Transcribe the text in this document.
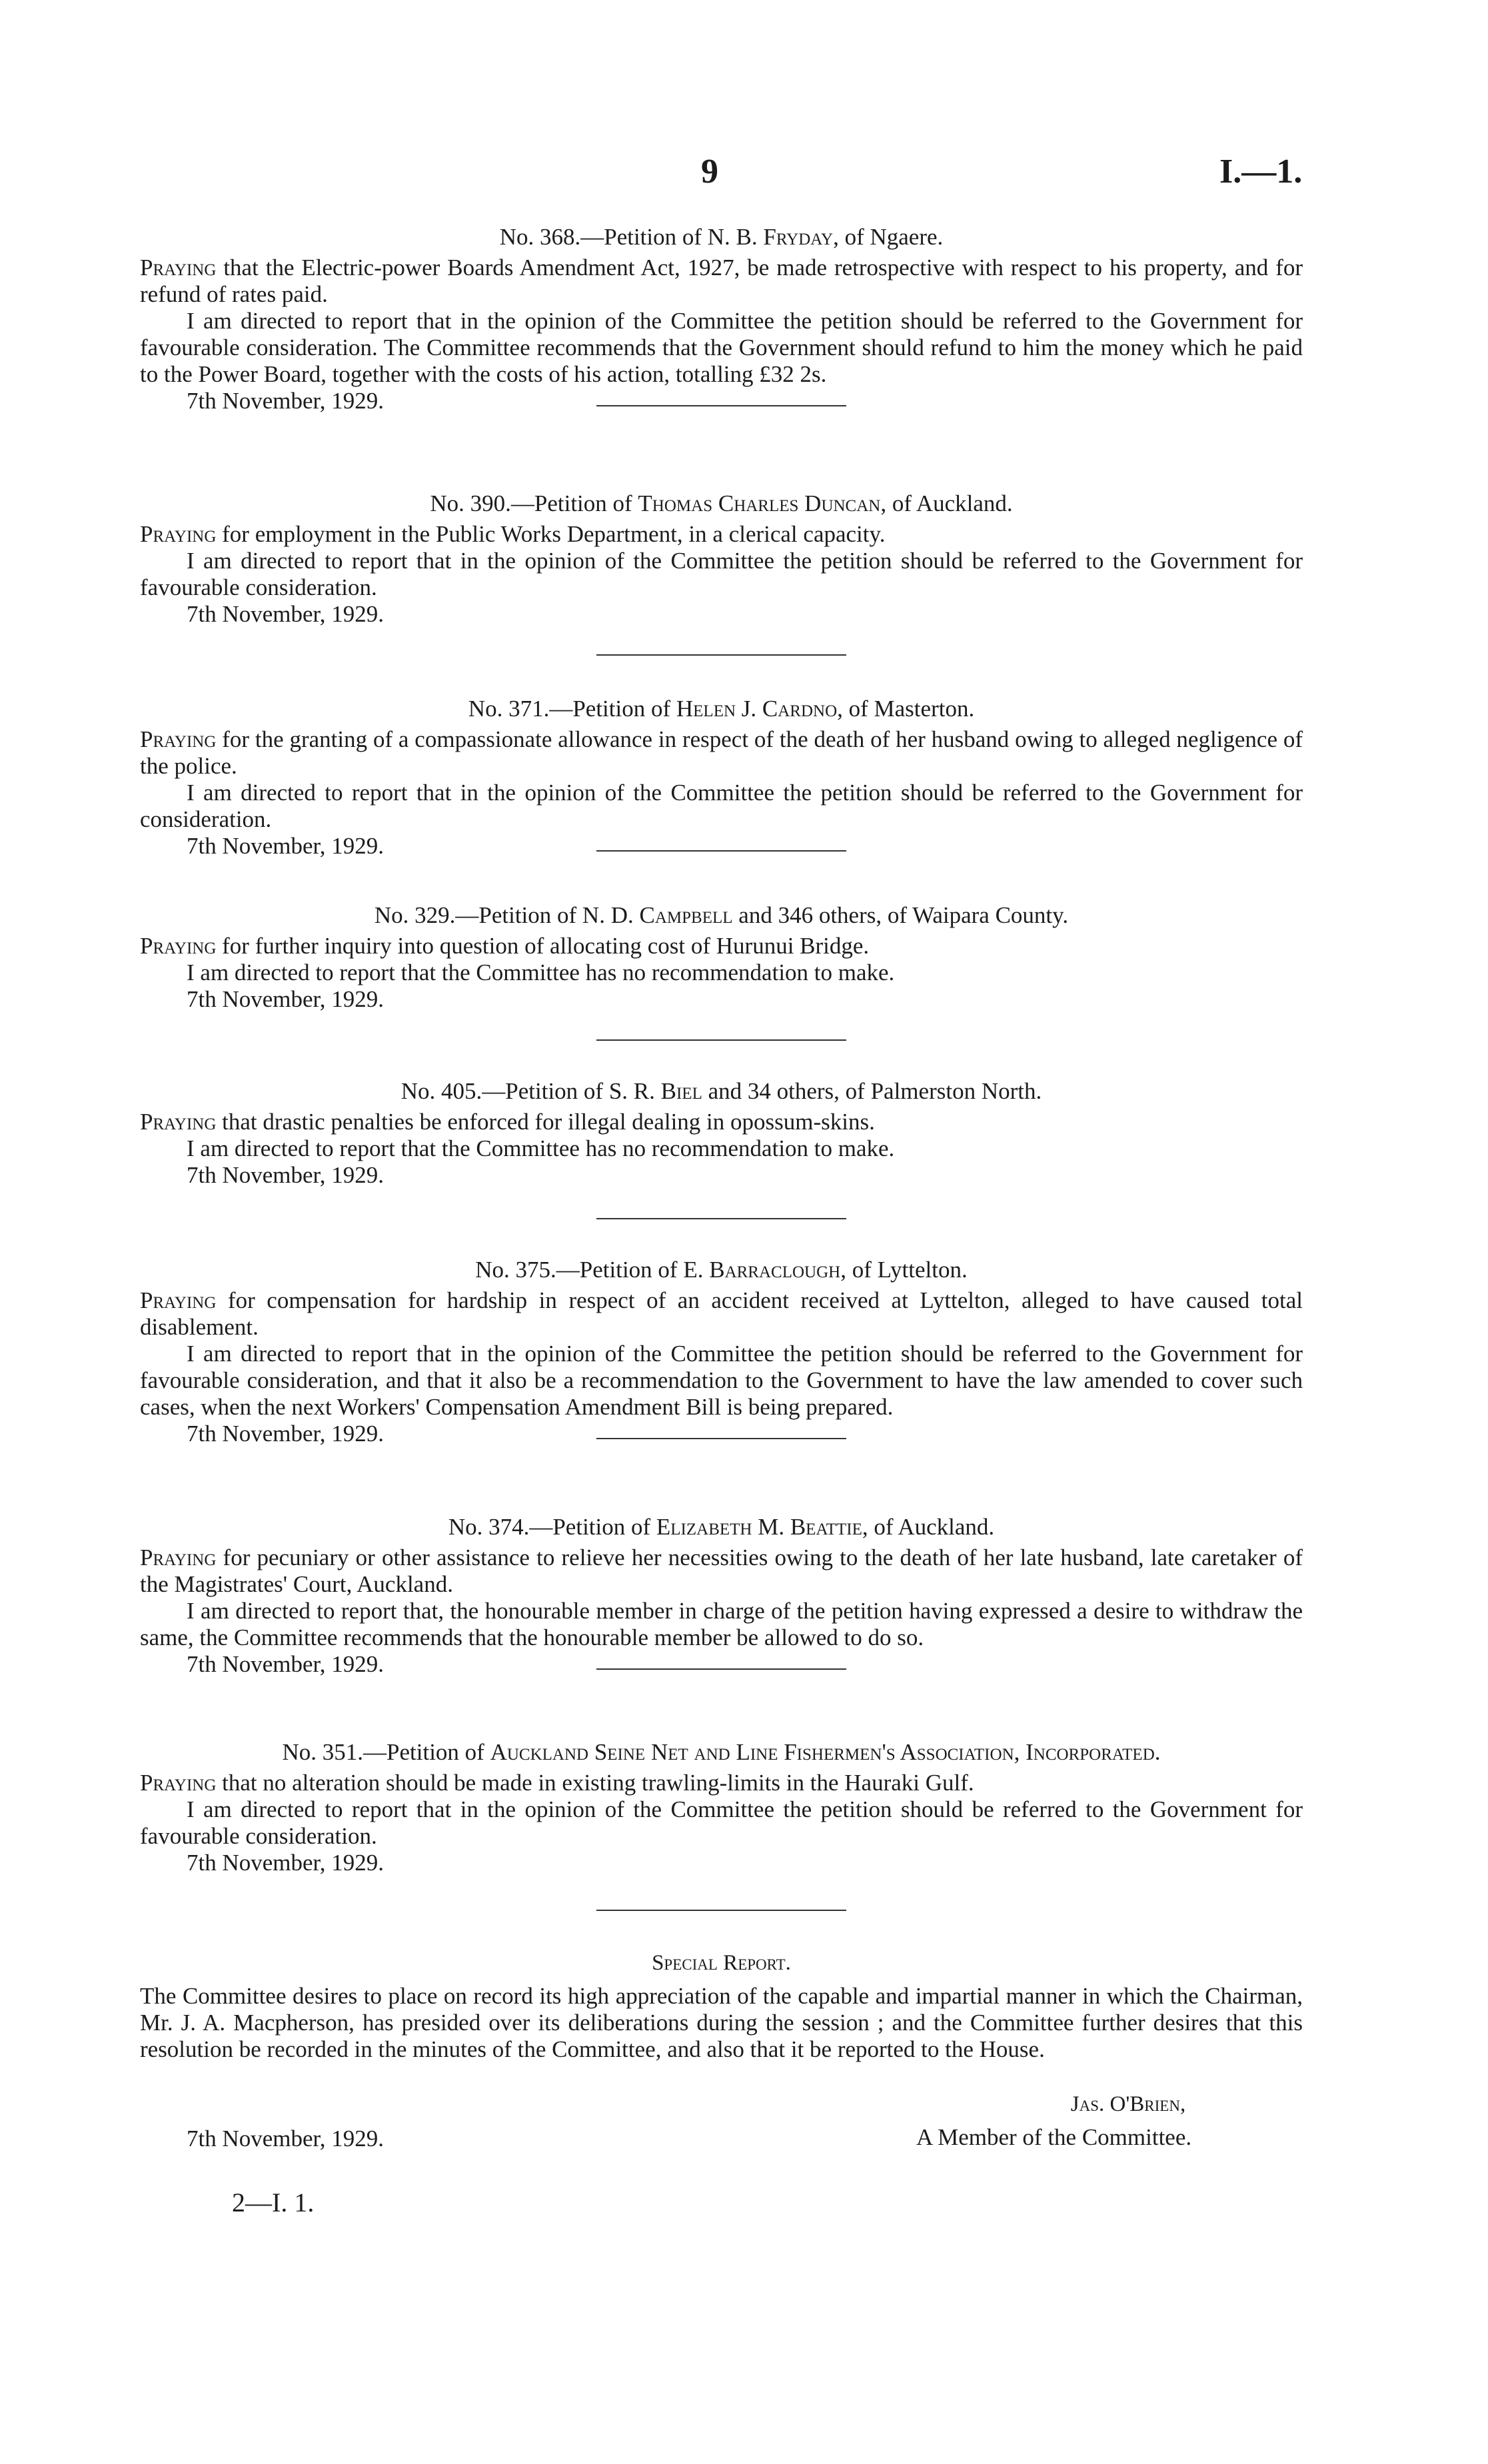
9	I.—1.

No. 368.—Petition of N. B. Fryday, of Ngaere.

Praying that the Electric-power Boards Amendment Act, 1927, be made retrospective with respect to his property, and for refund of rates paid.

I am directed to report that in the opinion of the Committee the petition should be referred to the Government for favourable consideration. The Committee recommends that the Government should refund to him the money which he paid to the Power Board, together with the costs of his action, totalling £32 2s.

7th November, 1929.

No. 390.—Petition of Thomas Charles Duncan, of Auckland.

Praying for employment in the Public Works Department, in a clerical capacity.

I am directed to report that in the opinion of the Committee the petition should be referred to the Government for favourable consideration.

7th November, 1929.

No. 371.—Petition of Helen J. Cardno, of Masterton.

Praying for the granting of a compassionate allowance in respect of the death of her husband owing to alleged negligence of the police.

I am directed to report that in the opinion of the Committee the petition should be referred to the Government for consideration.

7th November, 1929.

No. 329.—Petition of N. D. Campbell and 346 others, of Waipara County.

Praying for further inquiry into question of allocating cost of Hurunui Bridge.

I am directed to report that the Committee has no recommendation to make.

7th November, 1929.

No. 405.—Petition of S. R. Biel and 34 others, of Palmerston North.

Praying that drastic penalties be enforced for illegal dealing in opossum-skins.

I am directed to report that the Committee has no recommendation to make.

7th November, 1929.

No. 375.—Petition of E. Barraclough, of Lyttelton.

Praying for compensation for hardship in respect of an accident received at Lyttelton, alleged to have caused total disablement.

I am directed to report that in the opinion of the Committee the petition should be referred to the Government for favourable consideration, and that it also be a recommendation to the Government to have the law amended to cover such cases, when the next Workers' Compensation Amendment Bill is being prepared.

7th November, 1929.

No. 374.—Petition of Elizabeth M. Beattie, of Auckland.

Praying for pecuniary or other assistance to relieve her necessities owing to the death of her late husband, late caretaker of the Magistrates' Court, Auckland.

I am directed to report that, the honourable member in charge of the petition having expressed a desire to withdraw the same, the Committee recommends that the honourable member be allowed to do so.

7th November, 1929.

No. 351.—Petition of Auckland Seine Net and Line Fishermen's Association, Incorporated.

Praying that no alteration should be made in existing trawling-limits in the Hauraki Gulf.

I am directed to report that in the opinion of the Committee the petition should be referred to the Government for favourable consideration.

7th November, 1929.
Special Report.

The Committee desires to place on record its high appreciation of the capable and impartial manner in which the Chairman, Mr. J. A. Macpherson, has presided over its deliberations during the session ; and the Committee further desires that this resolution be recorded in the minutes of the Committee, and also that it be reported to the House.

Jas. O'Brien,
A Member of the Committee.
7th November, 1929.
2—I. 1.
